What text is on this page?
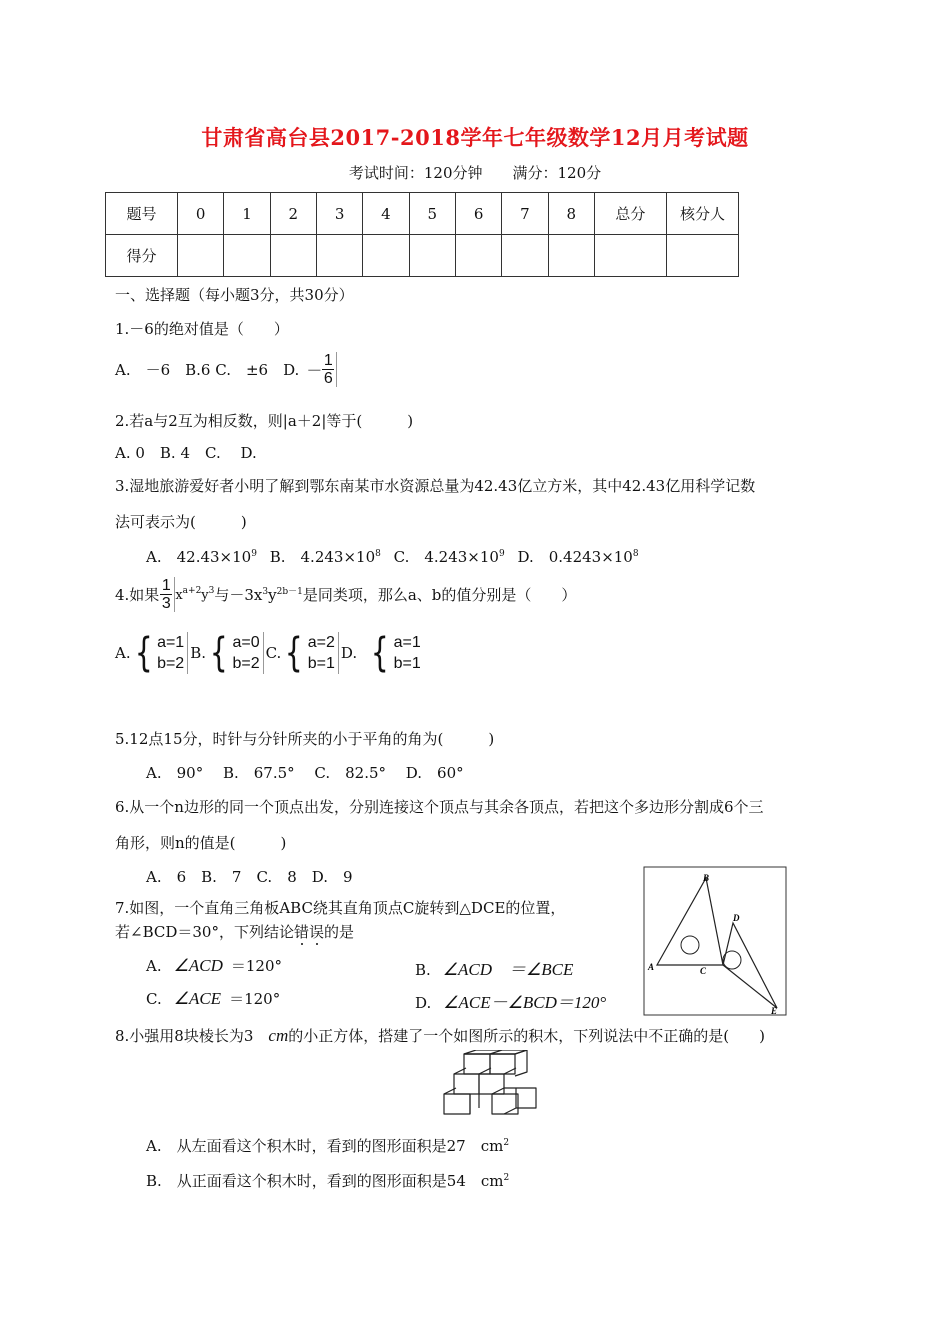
甘肃省高台县2017-2018学年七年级数学12月月考试题
考试时间：120分钟 满分：120分
题号	0	1	2	3	4	5	6	7	8	总分	核分人
得分											
一、选择题（每小题3分，共30分）
1.－6的绝对值是（　　）
A.　－6　B.6 C.　±6　D. － $\frac{1}{6}$
2.若a与2互为相反数，则|a＋2|等于(　　　)
A. 0　B. 4　C.　 D.
3.湿地旅游爱好者小明了解到鄂东南某市水资源总量为42.43亿立方米，其中42.43亿用科学记数
法可表示为(　　　)
A.　$42.43\times 10^9$ B.　$4.243\times 10^8$ C.　$4.243\times 10^9$ D.　$0.4243\times 10^8$
4.如果 $\frac{1}{3} x^{a+2}y^3$ 与$-3x^3y^{2b-1}$ 是同类项，那么a、b的值分别是（　　）
A. { a=1
b=2
B. { a=0
b=2
C. { a=2
b=1
D. { a=1
b=1
5.12点15分，时针与分针所夹的小于平角的角为(　　　)
A.　90°　 B.　67.5°　 C.　82.5°　 D.　60°
6.从一个n边形的同一个顶点出发，分别连接这个顶点与其余各顶点，若把这个多边形分割成6个三
角形，则n的值是(　　　)
A.　6　B.　7　C.　8　D.　9
7.如图，一个直角三角板ABC绕其直角顶点C旋转到△DCE的位置，
若∠BCD＝30°，下列结论错误的是
A. ∠ACD ＝120°	B. ∠ACD　＝∠BCE
C. ∠ACE ＝120°	D. ∠ACE－∠BCD＝120°
B
D
A	C
E
8.小强用8块棱长为3　cm的小正方体，搭建了一个如图所示的积木，下列说法中不正确的是(　　)
A.　从左面看这个积木时，看到的图形面积是27　$cm^2$
B.　从正面看这个积木时，看到的图形面积是54　$cm^2$
